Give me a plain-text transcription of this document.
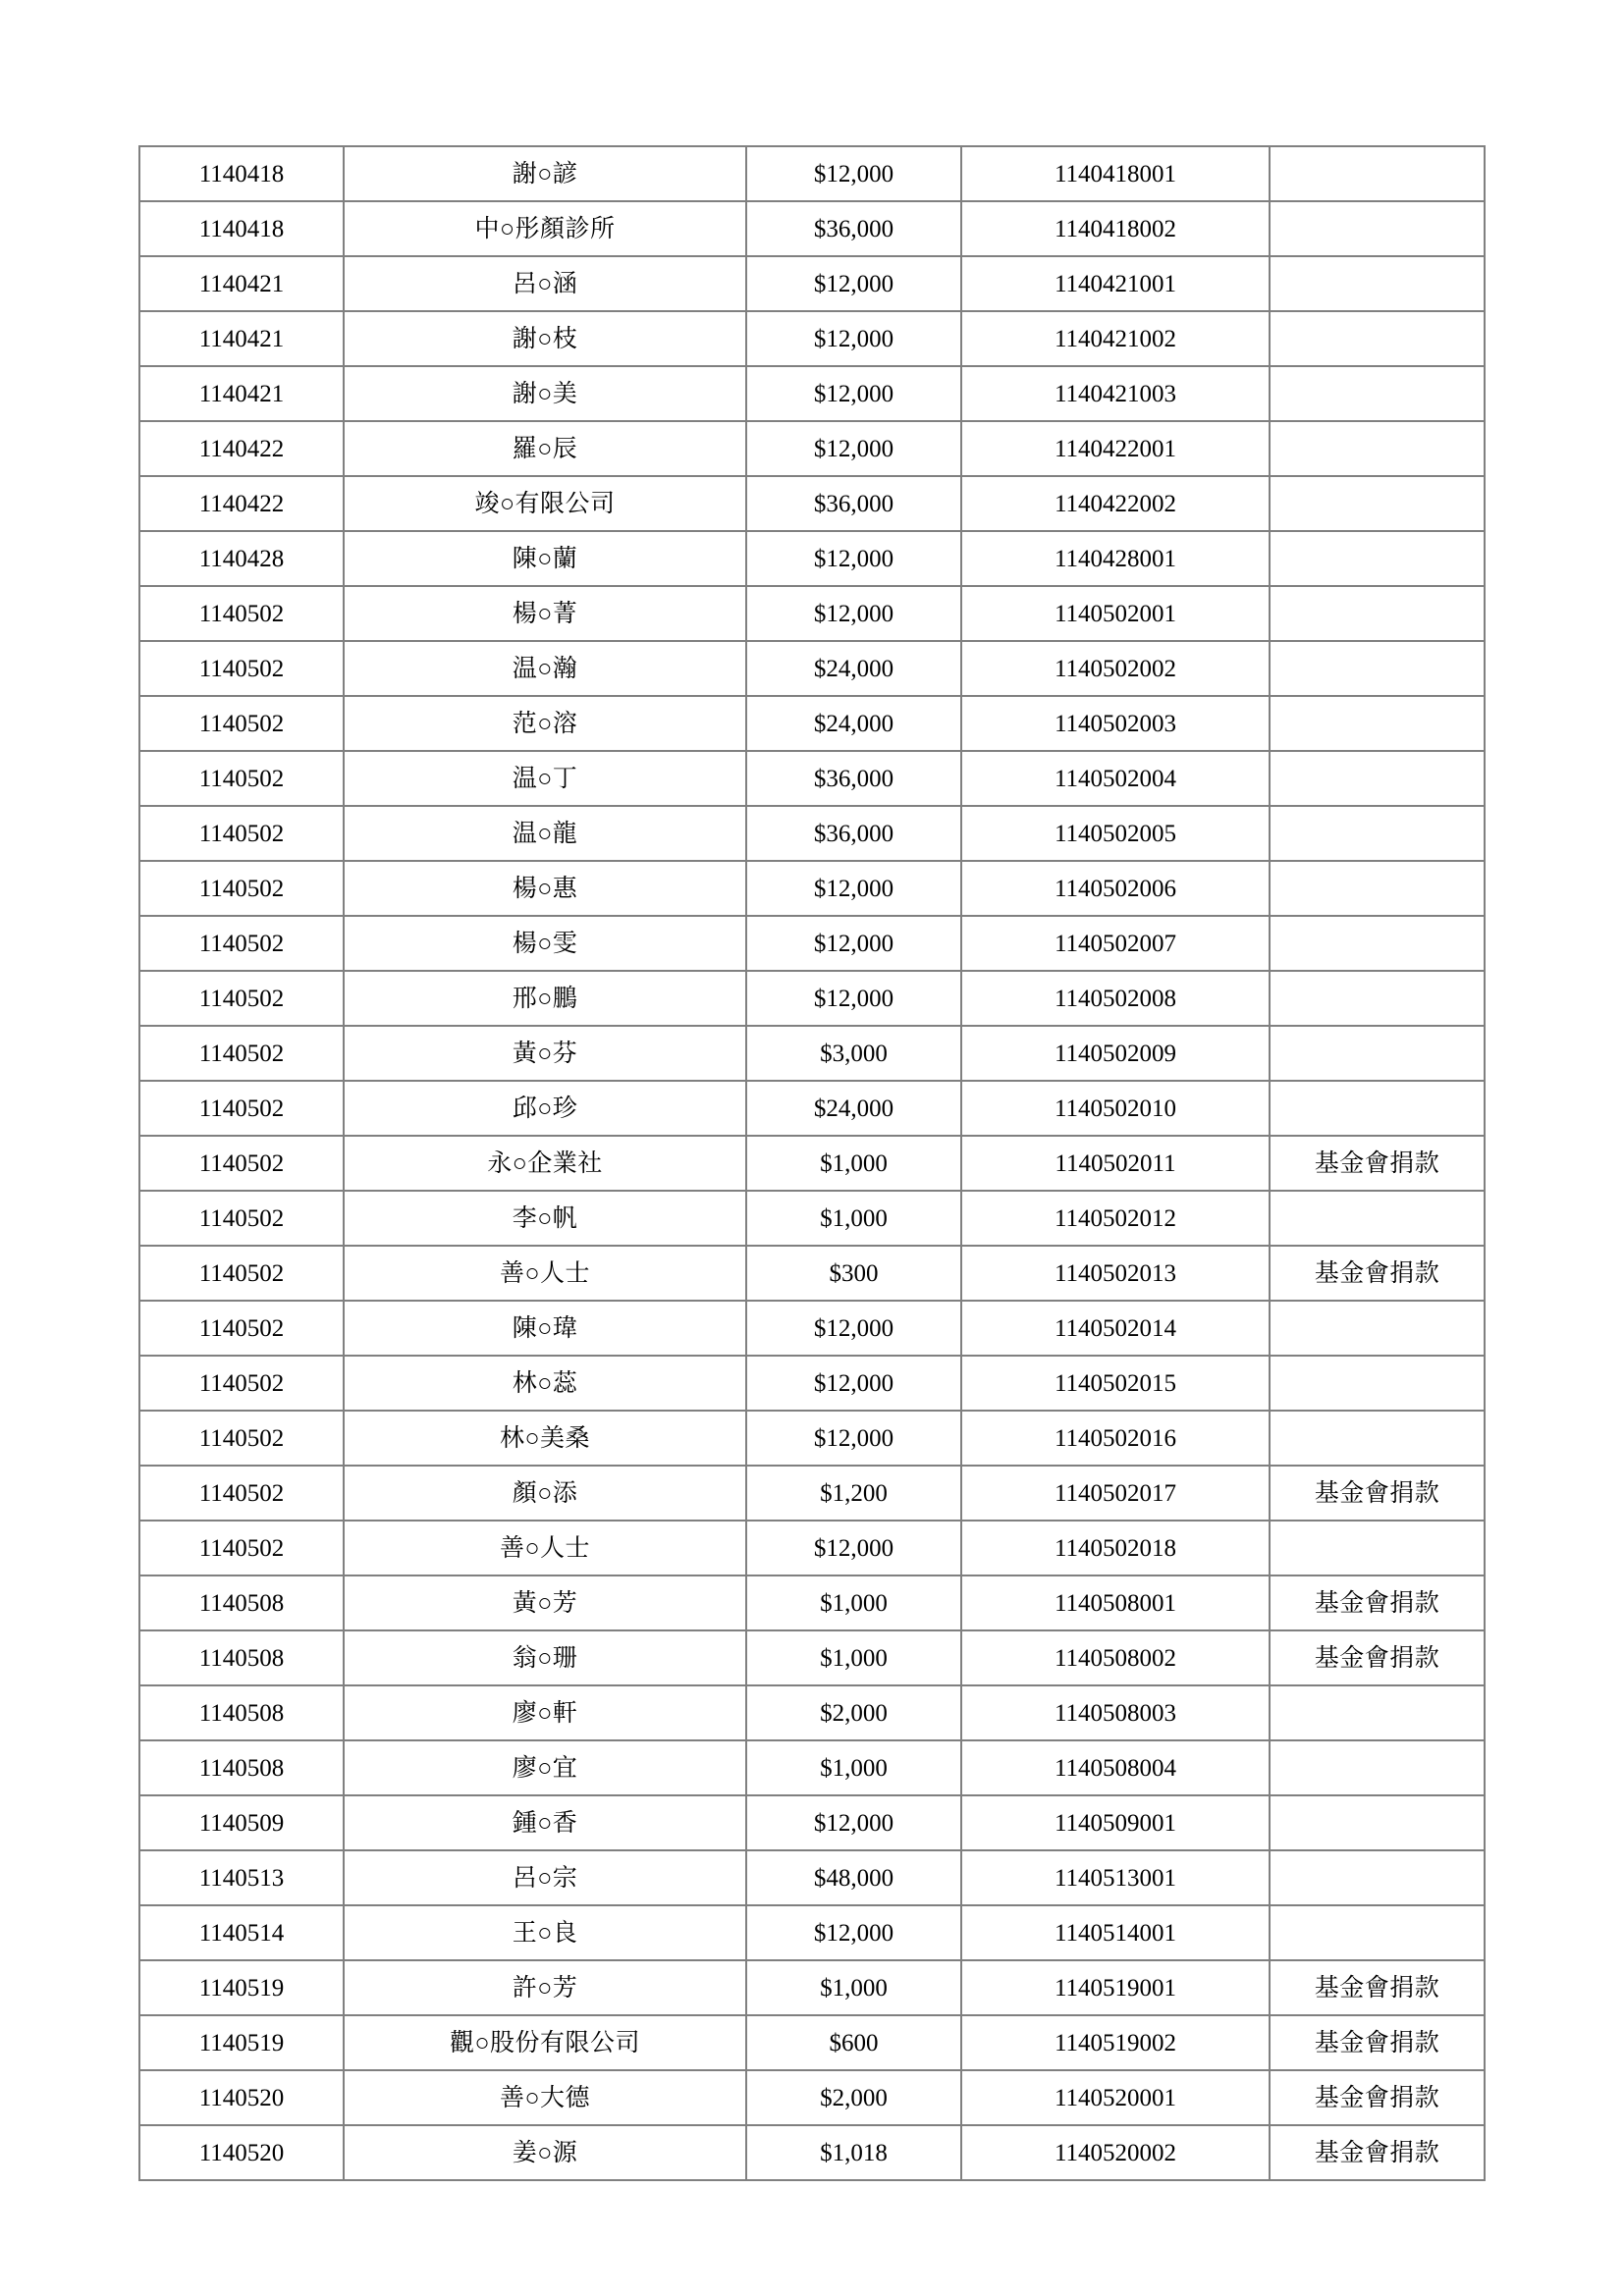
1140418	謝○諺	$12,000	1140418001	
1140418	中○彤顏診所	$36,000	1140418002	
1140421	呂○涵	$12,000	1140421001	
1140421	謝○枝	$12,000	1140421002	
1140421	謝○美	$12,000	1140421003	
1140422	羅○辰	$12,000	1140422001	
1140422	竣○有限公司	$36,000	1140422002	
1140428	陳○蘭	$12,000	1140428001	
1140502	楊○菁	$12,000	1140502001	
1140502	温○瀚	$24,000	1140502002	
1140502	范○溶	$24,000	1140502003	
1140502	温○丁	$36,000	1140502004	
1140502	温○龍	$36,000	1140502005	
1140502	楊○惠	$12,000	1140502006	
1140502	楊○雯	$12,000	1140502007	
1140502	邢○鵬	$12,000	1140502008	
1140502	黃○芬	$3,000	1140502009	
1140502	邱○珍	$24,000	1140502010	
1140502	永○企業社	$1,000	1140502011	基金會捐款
1140502	李○帆	$1,000	1140502012	
1140502	善○人士	$300	1140502013	基金會捐款
1140502	陳○瑋	$12,000	1140502014	
1140502	林○蕊	$12,000	1140502015	
1140502	林○美桑	$12,000	1140502016	
1140502	顏○添	$1,200	1140502017	基金會捐款
1140502	善○人士	$12,000	1140502018	
1140508	黃○芳	$1,000	1140508001	基金會捐款
1140508	翁○珊	$1,000	1140508002	基金會捐款
1140508	廖○軒	$2,000	1140508003	
1140508	廖○宜	$1,000	1140508004	
1140509	鍾○香	$12,000	1140509001	
1140513	呂○宗	$48,000	1140513001	
1140514	王○良	$12,000	1140514001	
1140519	許○芳	$1,000	1140519001	基金會捐款
1140519	觀○股份有限公司	$600	1140519002	基金會捐款
1140520	善○大德	$2,000	1140520001	基金會捐款
1140520	姜○源	$1,018	1140520002	基金會捐款
